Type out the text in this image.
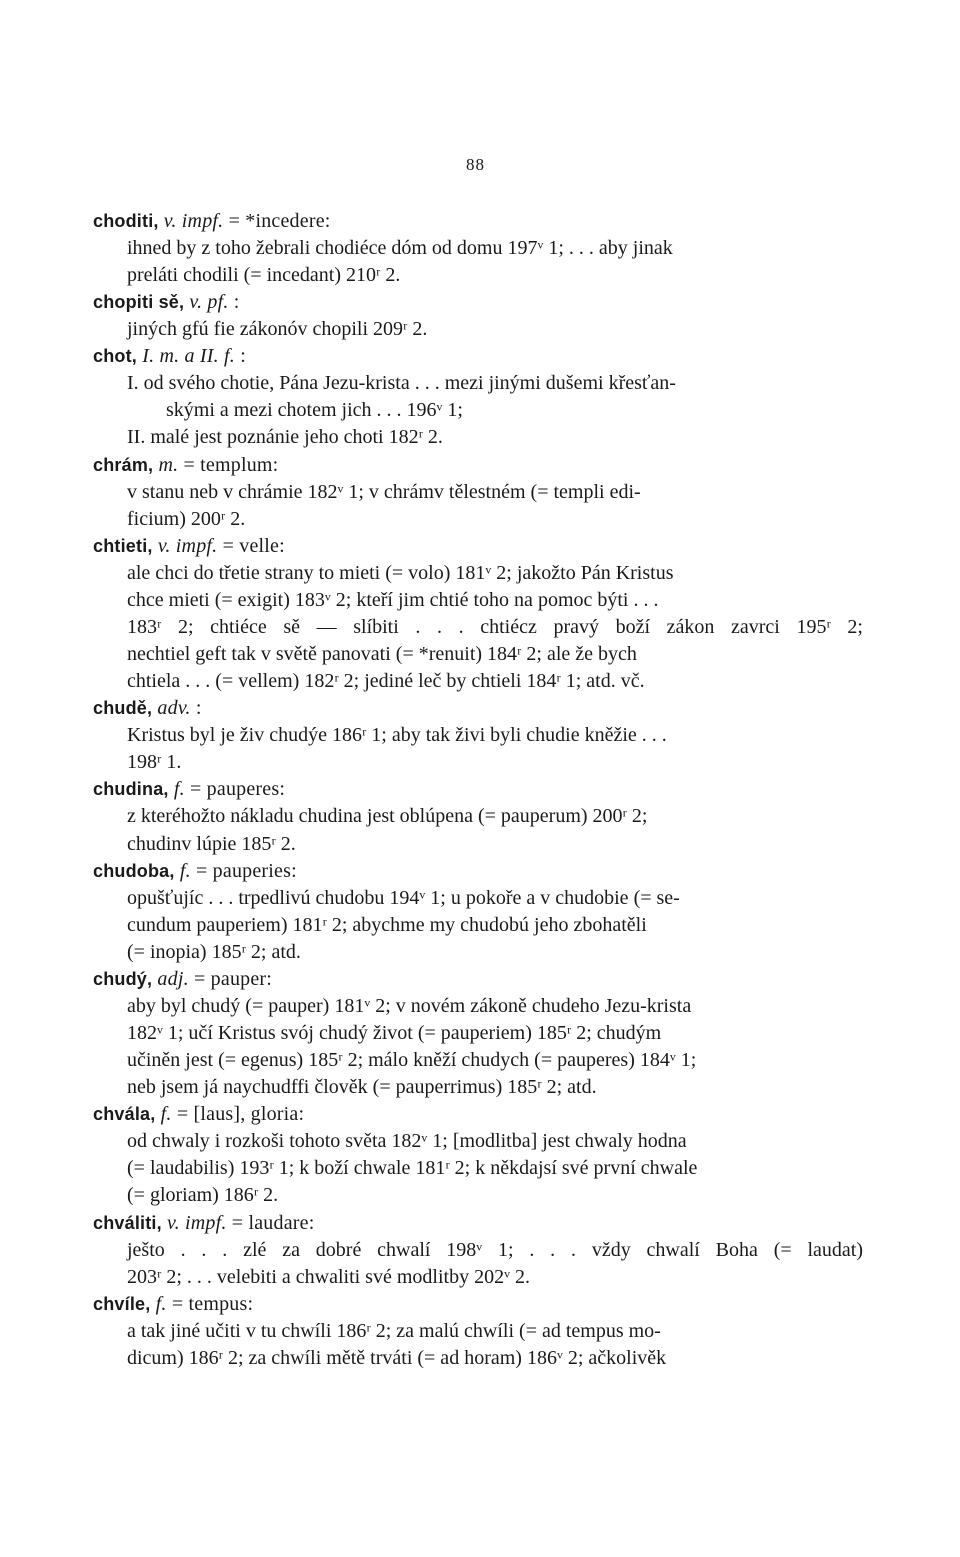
88
choditi, v. impf. = *incedere:
ihned by z toho žebrali chodiéce dóm od domu 197ᵛ 1; . . . aby jinak
preláti chodili (= incedant) 210ʳ 2.
chopiti sě, v. pf. :
jiných gfú fie zákonóv chopili 209ʳ 2.
chot, I. m. a II. f. :
I. od svého chotie, Pána Jezu-krista . . . mezi jinými dušemi křesťan-
skými a mezi chotem jich . . . 196ᵛ 1;
II. malé jest poznánie jeho choti 182ʳ 2.
chrám, m. = templum:
v stanu neb v chrámie 182ᵛ 1; v chrámv tělestném (= templi edi-
ficium) 200ʳ 2.
chtieti, v. impf. = velle:
ale chci do třetie strany to mieti (= volo) 181ᵛ 2; jakožto Pán Kristus
chce mieti (= exigit) 183ᵛ 2; kteří jim chtié toho na pomoc býti . . .
183ʳ 2; chtiéce sě — slíbiti . . . chtiécz pravý boží zákon zavrci 195ʳ 2;
nechtiel geft tak v světě panovati (= *renuit) 184ʳ 2; ale že bych
chtiela . . . (= vellem) 182ʳ 2; jediné leč by chtieli 184ʳ 1; atd. vč.
chudě, adv. :
Kristus byl je živ chudýe 186ʳ 1; aby tak živi byli chudie kněžie . . .
198ʳ 1.
chudina, f. = pauperes:
z kteréhožto nákladu chudina jest oblúpena (= pauperum) 200ʳ 2;
chudinv lúpie 185ʳ 2.
chudoba, f. = pauperies:
opušťujíc . . . trpedlivú chudobu 194ᵛ 1; u pokoře a v chudobie (= se-
cundum pauperiem) 181ʳ 2; abychme my chudobú jeho zbohatěli
(= inopia) 185ʳ 2; atd.
chudý, adj. = pauper:
aby byl chudý (= pauper) 181ᵛ 2; v novém zákoně chudeho Jezu-krista
182ᵛ 1; učí Kristus svój chudý život (= pauperiem) 185ʳ 2; chudým
učiněn jest (= egenus) 185ʳ 2; málo kněží chudych (= pauperes) 184ᵛ 1;
neb jsem já naychudffi člověk (= pauperrimus) 185ʳ 2; atd.
chvála, f. = [laus], gloria:
od chwaly i rozkoši tohoto světa 182ᵛ 1; [modlitba] jest chwaly hodna
(= laudabilis) 193ʳ 1; k boží chwale 181ʳ 2; k někdajsí své první chwale
(= gloriam) 186ʳ 2.
chváliti, v. impf. = laudare:
ješto . . . zlé za dobré chwalí 198ᵛ 1; . . . vždy chwalí Boha (= laudat)
203ʳ 2; . . . velebiti a chwaliti své modlitby 202ᵛ 2.
chvíle, f. = tempus:
a tak jiné učiti v tu chwíli 186ʳ 2; za malú chwíli (= ad tempus mo-
dicum) 186ʳ 2; za chwíli mětě trváti (= ad horam) 186ᵛ 2; ačkolivěk
